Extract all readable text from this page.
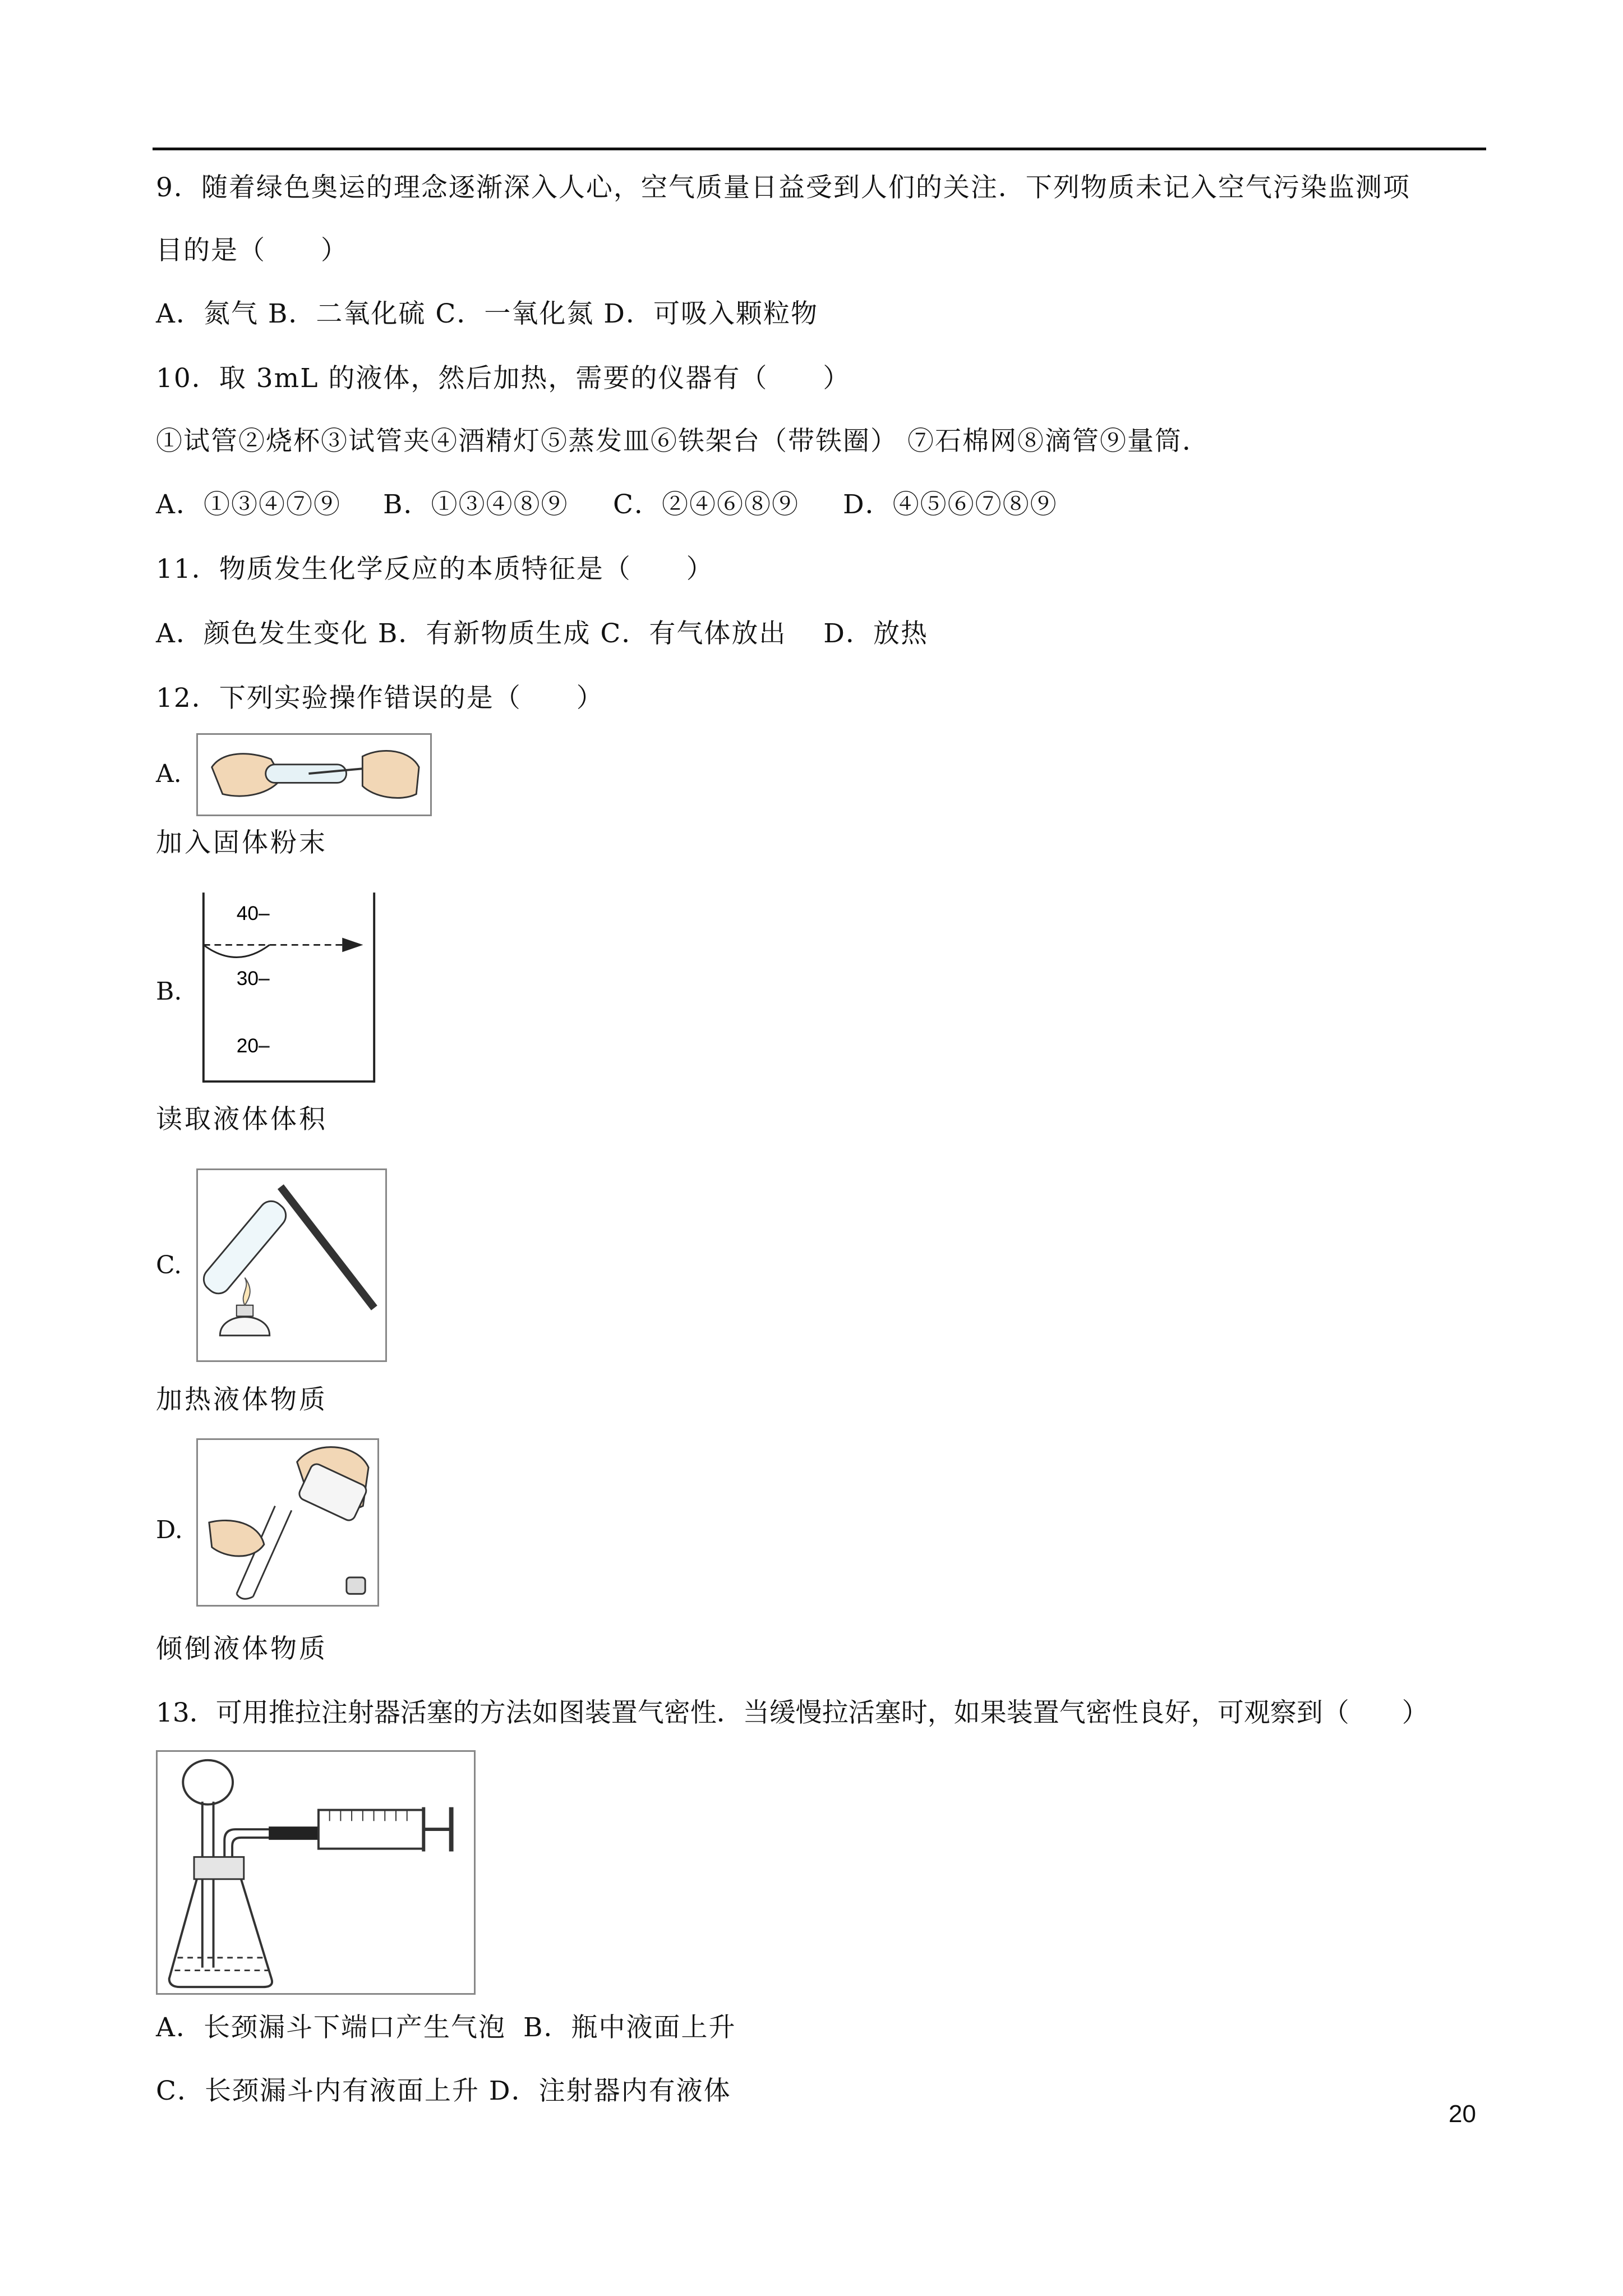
9．随着绿色奥运的理念逐渐深入人心，空气质量日益受到人们的关注．下列物质未记入空气污染监测项
目的是（　　）
A．氮气 B．二氧化硫 C．一氧化氮 D．可吸入颗粒物
10．取 3mL 的液体，然后加热，需要的仪器有（　　）
①试管②烧杯③试管夹④酒精灯⑤蒸发皿⑥铁架台（带铁圈） ⑦石棉网⑧滴管⑨量筒．
A．①③④⑦⑨ B．①③④⑧⑨ C．②④⑥⑧⑨ D．④⑤⑥⑦⑧⑨
11．物质发生化学反应的本质特征是（　　）
A．颜色发生变化 B．有新物质生成 C．有气体放出　 D．放热
12．下列实验操作错误的是（　　）
A.
加入固体粉末
B.
40
30
20
读取液体体积
C.
加热液体物质
D.
倾倒液体物质
13．可用推拉注射器活塞的方法如图装置气密性．当缓慢拉活塞时，如果装置气密性良好，可观察到（　　）
A．长颈漏斗下端口产生气泡 B．瓶中液面上升
C．长颈漏斗内有液面上升 D．注射器内有液体
20
